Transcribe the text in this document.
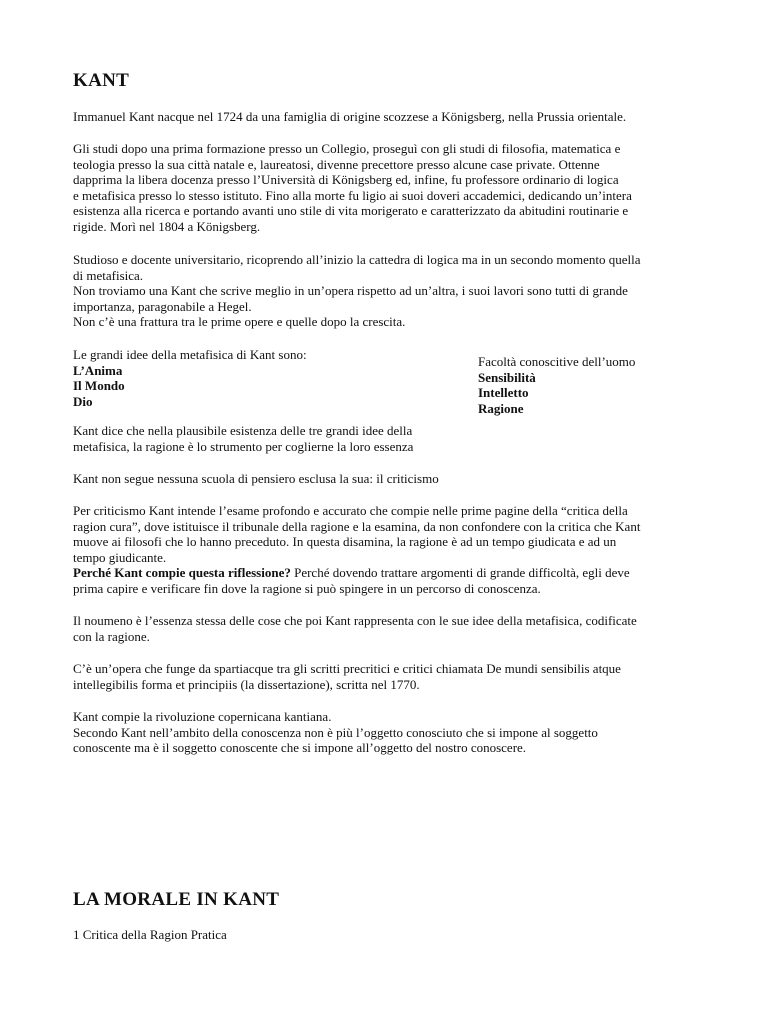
KANT

Immanuel Kant nacque nel 1724 da una famiglia di origine scozzese a Königsberg, nella Prussia orientale.

Gli studi dopo una prima formazione presso un Collegio, proseguì con gli studi di filosofia, matematica e
teologia presso la sua città natale e, laureatosi, divenne precettore presso alcune case private. Ottenne
dapprima la libera docenza presso l’Università di Königsberg ed, infine, fu professore ordinario di logica
e metafisica presso lo stesso istituto. Fino alla morte fu ligio ai suoi doveri accademici, dedicando un’intera
esistenza alla ricerca e portando avanti uno stile di vita morigerato e caratterizzato da abitudini routinarie e
rigide. Morì nel 1804 a Königsberg.

Studioso e docente universitario, ricoprendo all’inizio la cattedra di logica ma in un secondo momento quella
di metafisica.
Non troviamo una Kant che scrive meglio in un’opera rispetto ad un’altra, i suoi lavori sono tutti di grande
importanza, paragonabile a Hegel.
Non c’è una frattura tra le prime opere e quelle dopo la crescita.

Le grandi idee della metafisica di Kant sono:
L’Anima
Il Mondo
Dio
Facoltà conoscitive dell’uomo
Sensibilità
Intelletto
Ragione

Kant dice che nella plausibile esistenza delle tre grandi idee della
metafisica, la ragione è lo strumento per coglierne la loro essenza

Kant non segue nessuna scuola di pensiero esclusa la sua: il criticismo

Per criticismo Kant intende l’esame profondo e accurato che compie nelle prime pagine della “critica della
ragion cura”, dove istituisce il tribunale della ragione e la esamina, da non confondere con la critica che Kant
muove ai filosofi che lo hanno preceduto. In questa disamina, la ragione è ad un tempo giudicata e ad un
tempo giudicante.
Perché Kant compie questa riflessione? Perché dovendo trattare argomenti di grande difficoltà, egli deve
prima capire e verificare fin dove la ragione si può spingere in un percorso di conoscenza.

Il noumeno è l’essenza stessa delle cose che poi Kant rappresenta con le sue idee della metafisica, codificate
con la ragione.

C’è un’opera che funge da spartiacque tra gli scritti precritici e critici chiamata De mundi sensibilis atque
intellegibilis forma et principiis (la dissertazione), scritta nel 1770.

Kant compie la rivoluzione copernicana kantiana.
Secondo Kant nell’ambito della conoscenza non è più l’oggetto conosciuto che si impone al soggetto
conoscente ma è il soggetto conoscente che si impone all’oggetto del nostro conoscere.

LA MORALE IN KANT

1 Critica della Ragion Pratica
